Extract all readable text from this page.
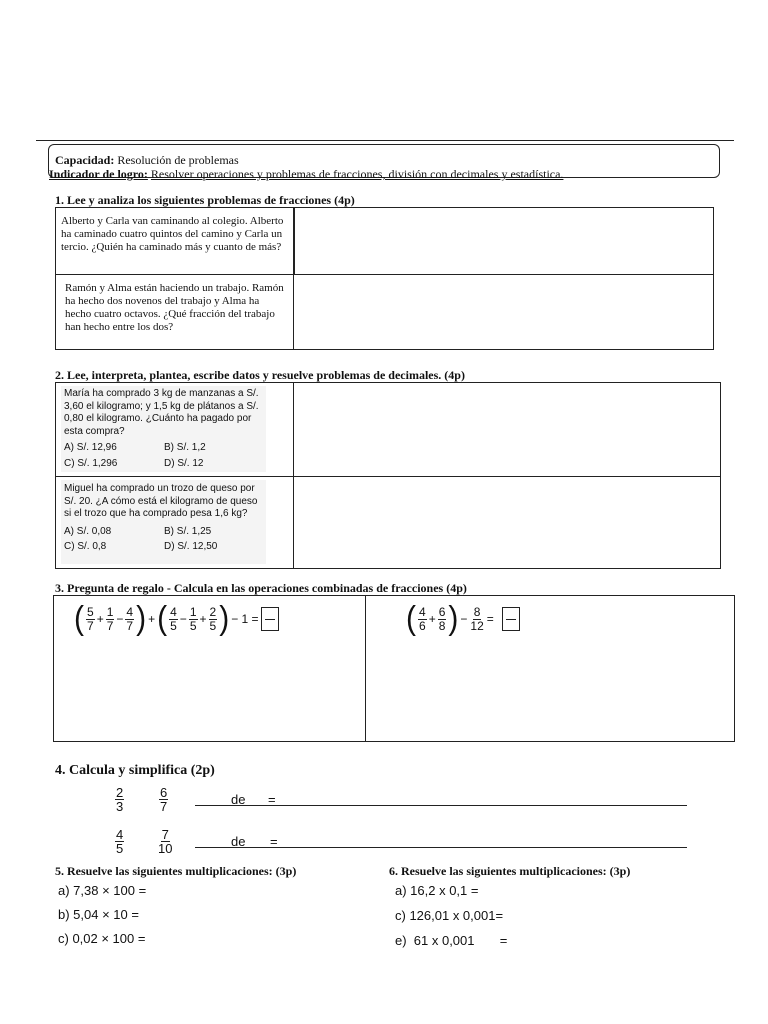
Capacidad: Resolución de problemas
Indicador de logro: Resolver operaciones y problemas de fracciones, división con decimales y estadística.
1. Lee y analiza los siguientes problemas de fracciones (4p)
Alberto y Carla van caminando al colegio. Alberto ha caminado cuatro quintos del camino y Carla un tercio. ¿Quién ha caminado más y cuanto de más?
Ramón y Alma están haciendo un trabajo. Ramón ha hecho dos novenos del trabajo y Alma ha hecho cuatro octavos. ¿Qué fracción del trabajo han hecho entre los dos?
2. Lee, interpreta, plantea, escribe datos y resuelve problemas de decimales. (4p)
María ha comprado 3 kg de manzanas a S/. 3,60 el kilogramo; y 1,5 kg de plátanos a S/. 0,80 el kilogramo. ¿Cuánto ha pagado por esta compra?
A) S/. 12,96	B) S/. 1,2
C) S/. 1,296	D) S/. 12
Miguel ha comprado un trozo de queso por S/. 20. ¿A cómo está el kilogramo de queso si el trozo que ha comprado pesa 1,6 kg?
A) S/. 0,08	B) S/. 1,25
C) S/. 0,8	D) S/. 12,50
3. Pregunta de regalo - Calcula en las operaciones combinadas de fracciones (4p)
( $\frac{5}{7} + \frac{1}{7} - \frac{4}{7}$ ) + ( $\frac{4}{5} - \frac{1}{5} + \frac{2}{5}$ ) − 1 =	( $\frac{4}{6} + \frac{6}{8}$ ) − $\frac{8}{12}$ =
4. Calcula y simplifica (2p)
$\frac{2}{3}$	$\frac{6}{7}$	de =
$\frac{4}{5}$	$\frac{7}{10}$	de =
5. Resuelve las siguientes multiplicaciones: (3p)
a) 7,38 × 100 =
b) 5,04 × 10 =
c) 0,02 × 100 =
6. Resuelve las siguientes multiplicaciones: (3p)
a) 16,2 x 0,1 =
c) 126,01 x 0,001=
e)  61 x 0,001       =
